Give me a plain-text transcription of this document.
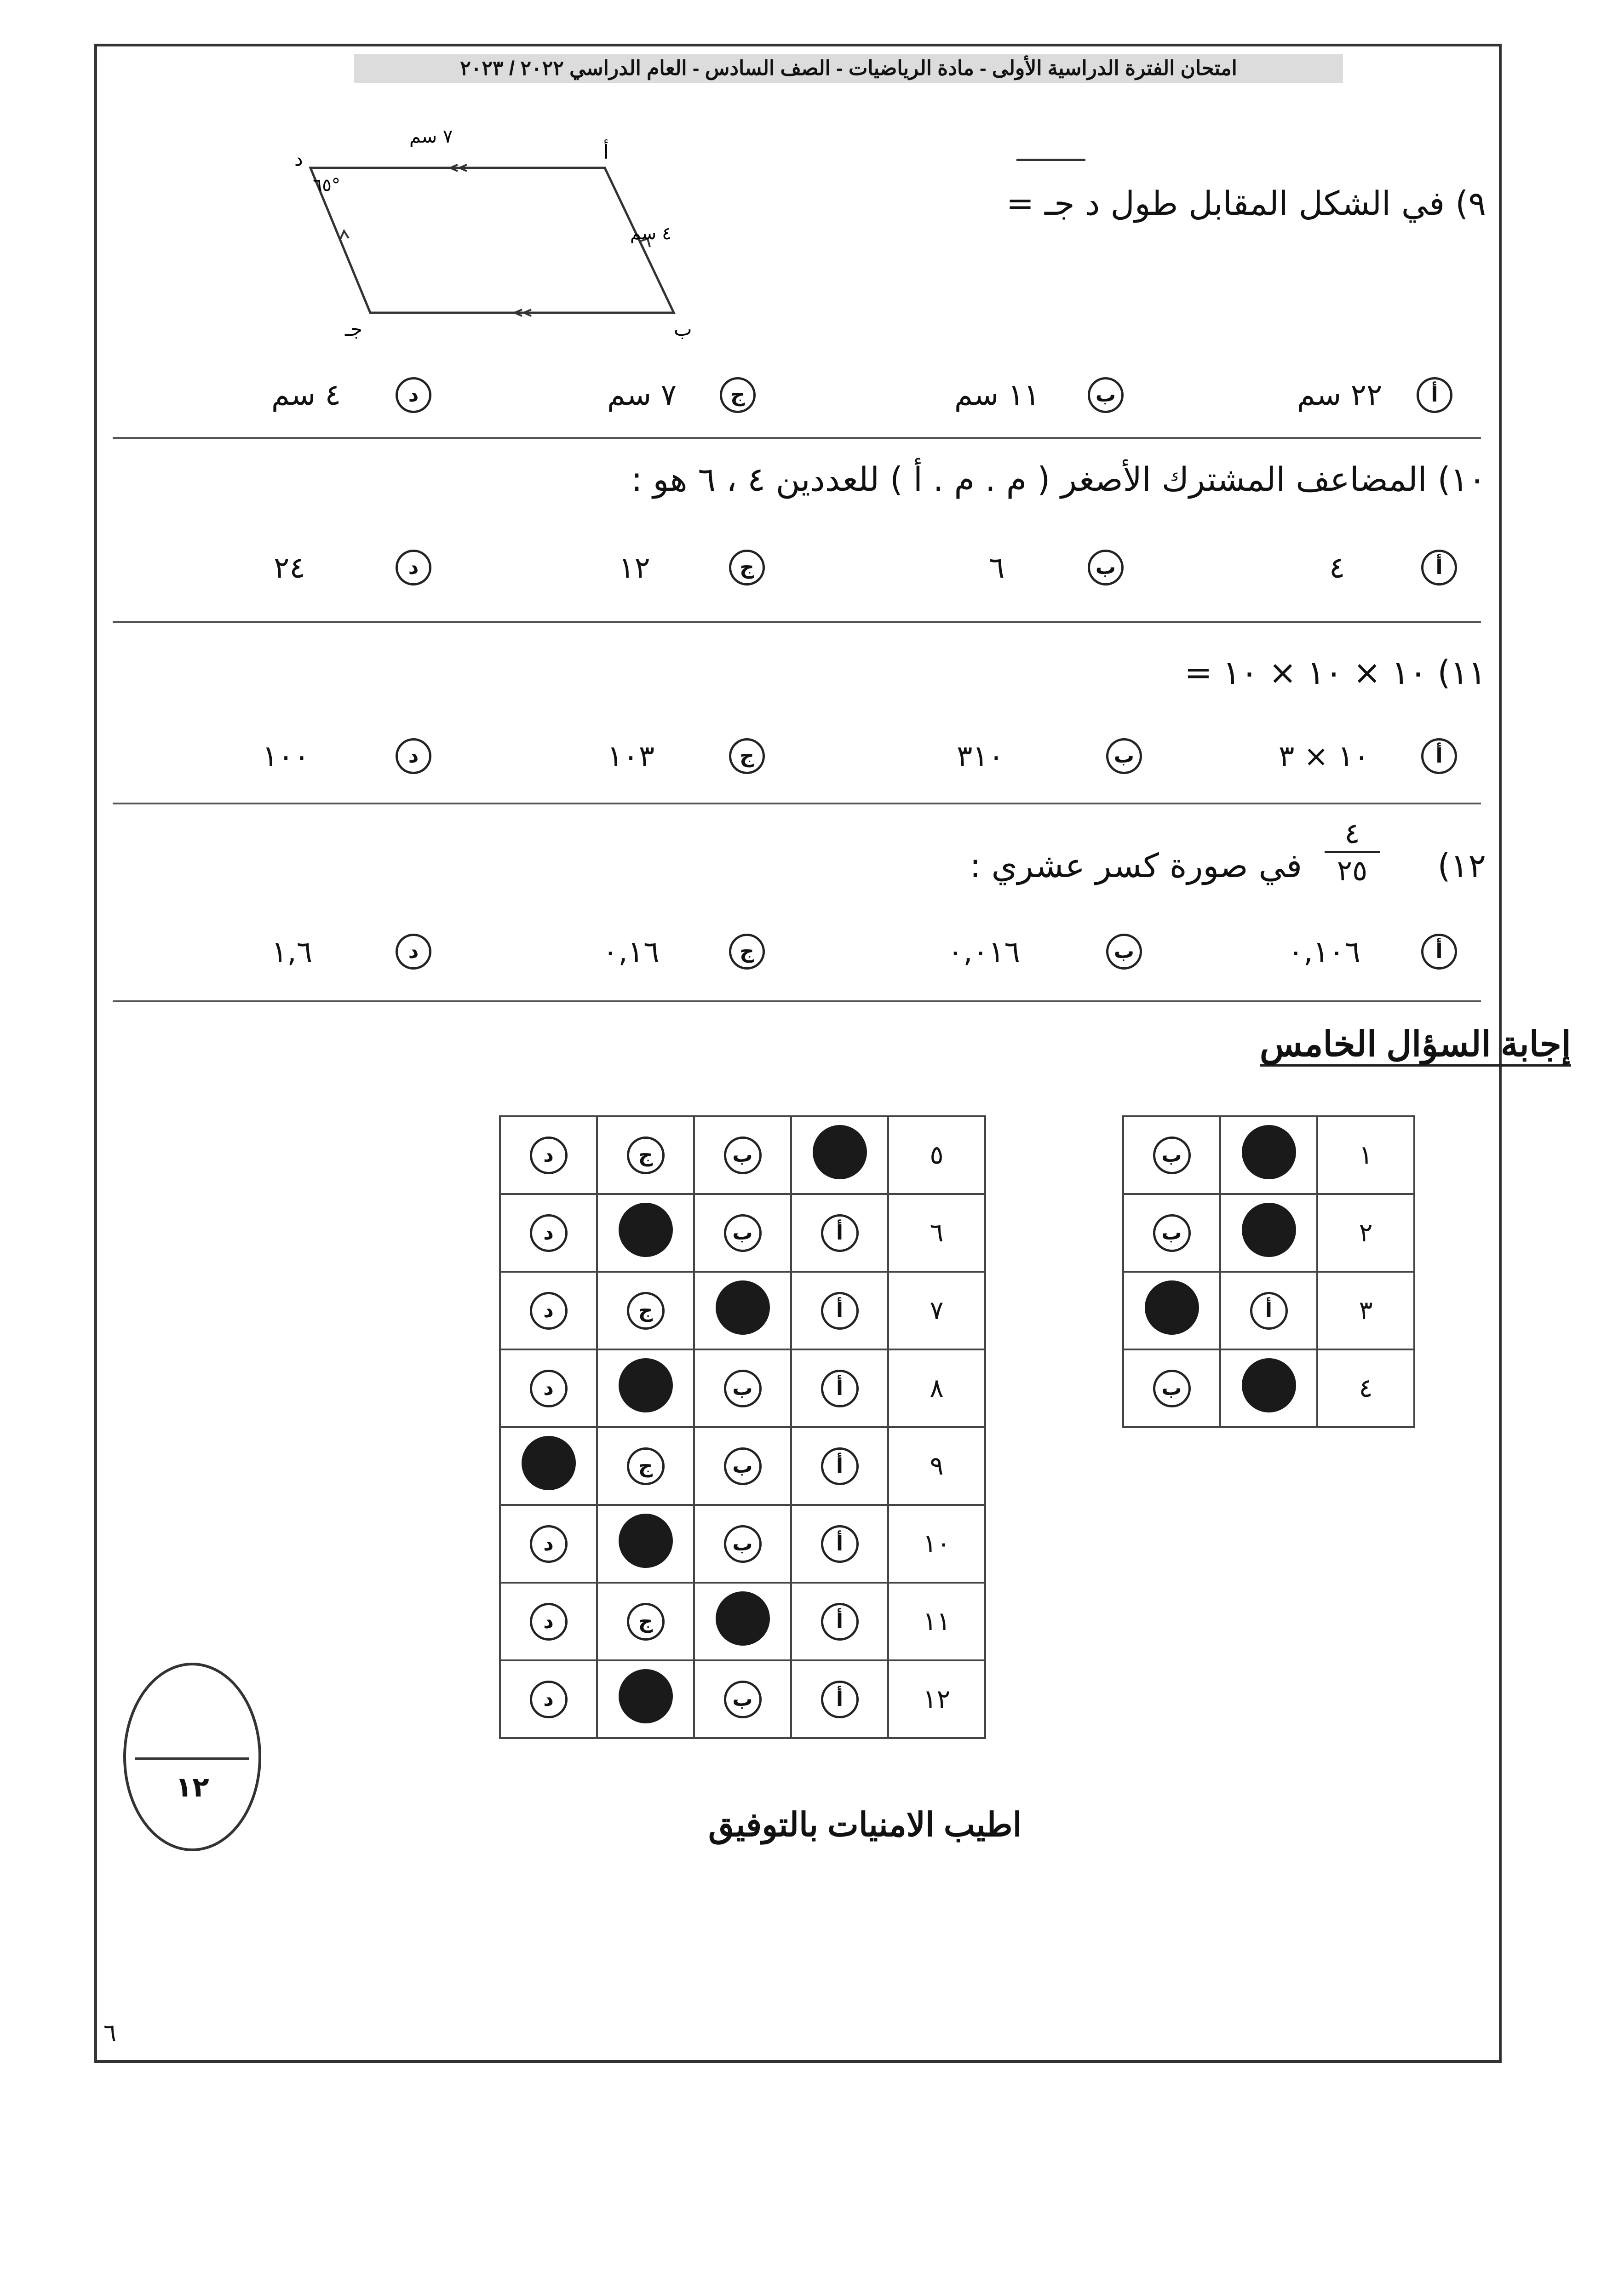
امتحان الفترة الدراسية الأولى - مادة الرياضيات - الصف السادس - العام الدراسي ٢٠٢٢ / ٢٠٢٣
د	أ
ب
جـ
٧ سم
٤ سم
٦٥°	٩) في الشكل المقابل طول د جـ =
أ
٢٢ سم
ب
١١ سم
ج
٧ سم
د
٤ سم
١٠) المضاعف المشترك الأصغر ( م . م . أ ) للعددين ٤ ، ٦ هو :
أ
٤
ب
٦
ج
١٢
د
٢٤
١١) ١٠ × ١٠ × ١٠ =
أ
١٠ × ٣
ب
٣١٠
ج
١٠٣
د
١٠٠
١٢)
٤
٢٥
في صورة كسر عشري :
أ
٠,١٠٦
ب
٠,٠١٦
ج
٠,١٦
د
١,٦
إجابة السؤال الخامس
ب		١
ب		٢
	أ	٣
ب		٤
د	ج	ب		٥
د		ب	أ	٦
د	ج		أ	٧
د		ب	أ	٨
	ج	ب	أ	٩
د		ب	أ	١٠
د	ج		أ	١١
د		ب	أ	١٢
١٢
اطيب الامنيات بالتوفيق
٦
